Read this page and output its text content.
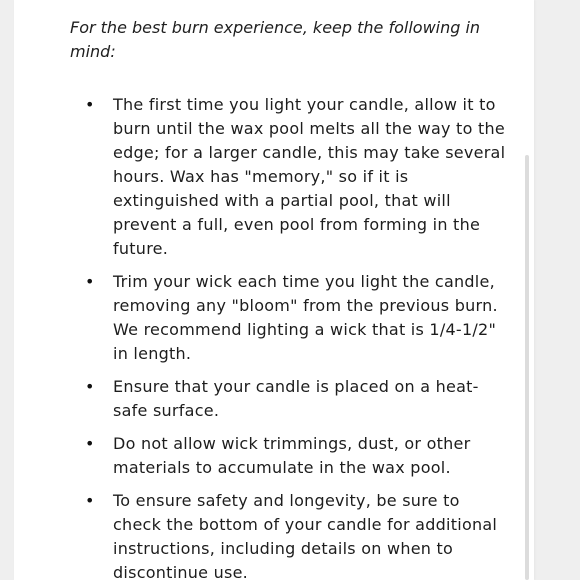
For the best burn experience, keep the following in mind:

• The first time you light your candle, allow it to burn until the wax pool melts all the way to the edge; for a larger candle, this may take several hours. Wax has "memory," so if it is extinguished with a partial pool, that will prevent a full, even pool from forming in the future.
• Trim your wick each time you light the candle, removing any "bloom" from the previous burn. We recommend lighting a wick that is 1/4-1/2" in length.
• Ensure that your candle is placed on a heat-safe surface.
• Do not allow wick trimmings, dust, or other materials to accumulate in the wax pool.
• To ensure safety and longevity, be sure to check the bottom of your candle for additional instructions, including details on when to discontinue use.
